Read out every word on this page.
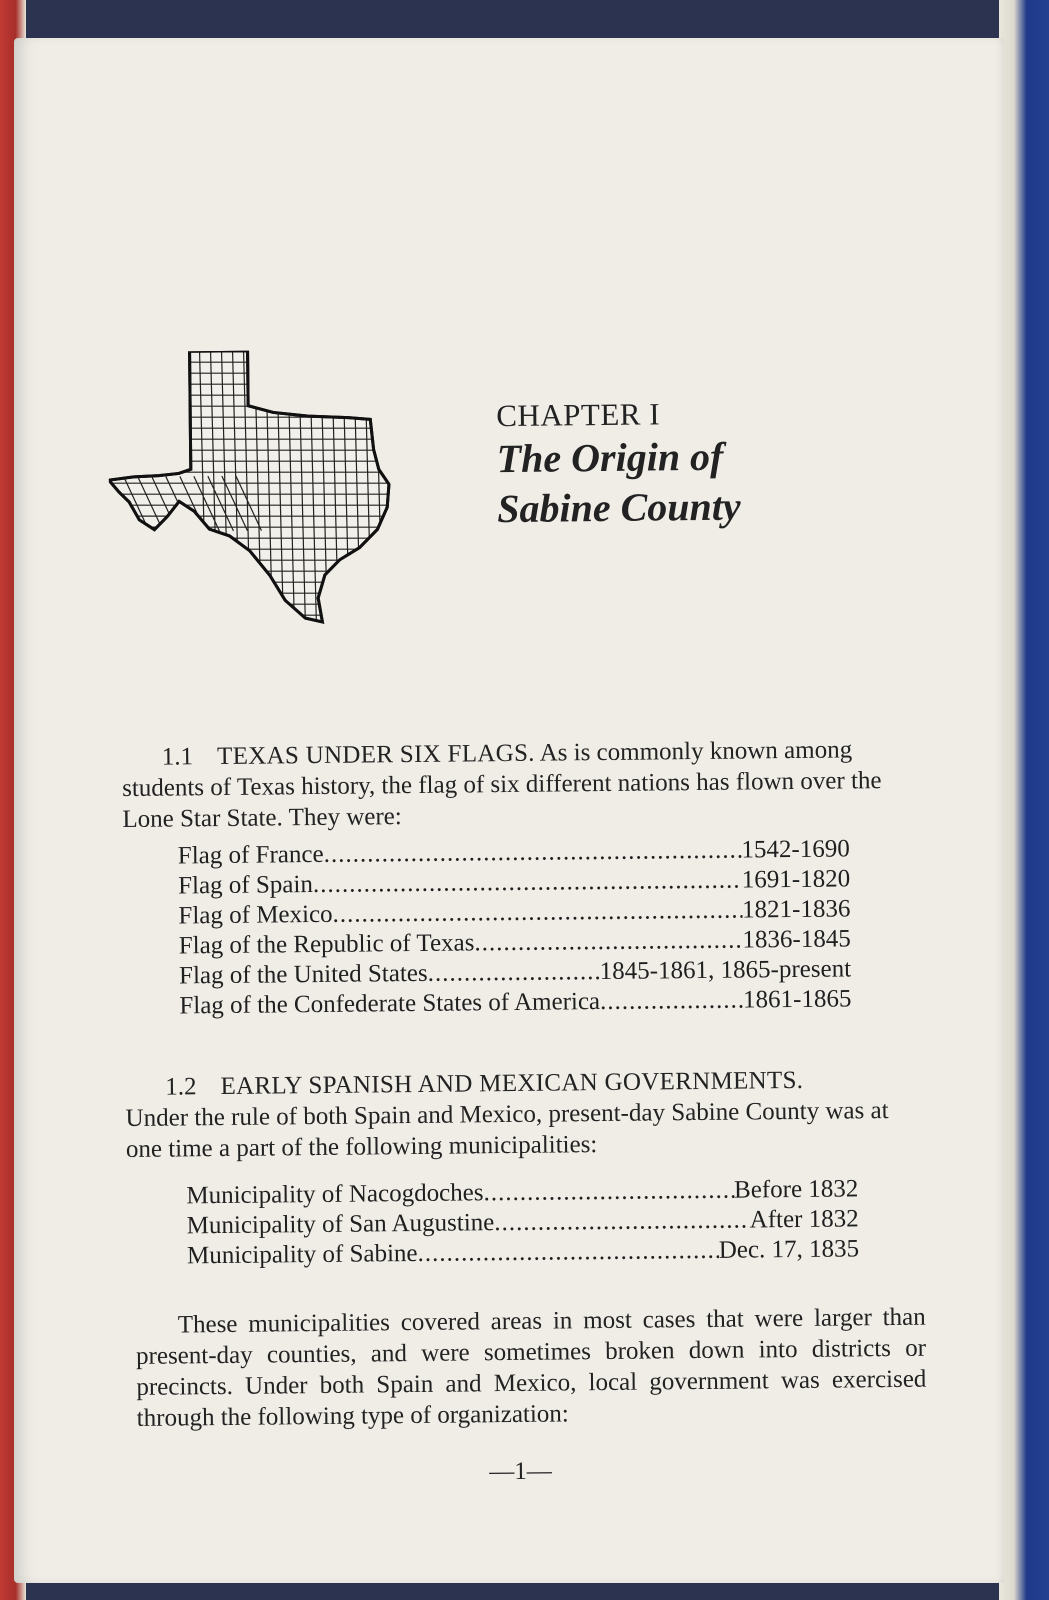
CHAPTER I
The Origin of
Sabine County
1.1 TEXAS UNDER SIX FLAGS. As is commonly known among students of Texas history, the flag of six different nations has flown over the Lone Star State. They were:
Flag of France .....	1542-1690
Flag of Spain .....	1691-1820
Flag of Mexico .....	1821-1836
Flag of the Republic of Texas .....	1836-1845
Flag of the United States .....	1845-1861, 1865-present
Flag of the Confederate States of America .....	1861-1865
1.2 EARLY SPANISH AND MEXICAN GOVERNMENTS.
Under the rule of both Spain and Mexico, present-day Sabine County was at one time a part of the following municipalities:
Municipality of Nacogdoches .....	Before 1832
Municipality of San Augustine .....	After 1832
Municipality of Sabine .....	Dec. 17, 1835
These municipalities covered areas in most cases that were larger than present-day counties, and were sometimes broken down into districts or precincts. Under both Spain and Mexico, local government was exercised through the following type of organization:
—1—
